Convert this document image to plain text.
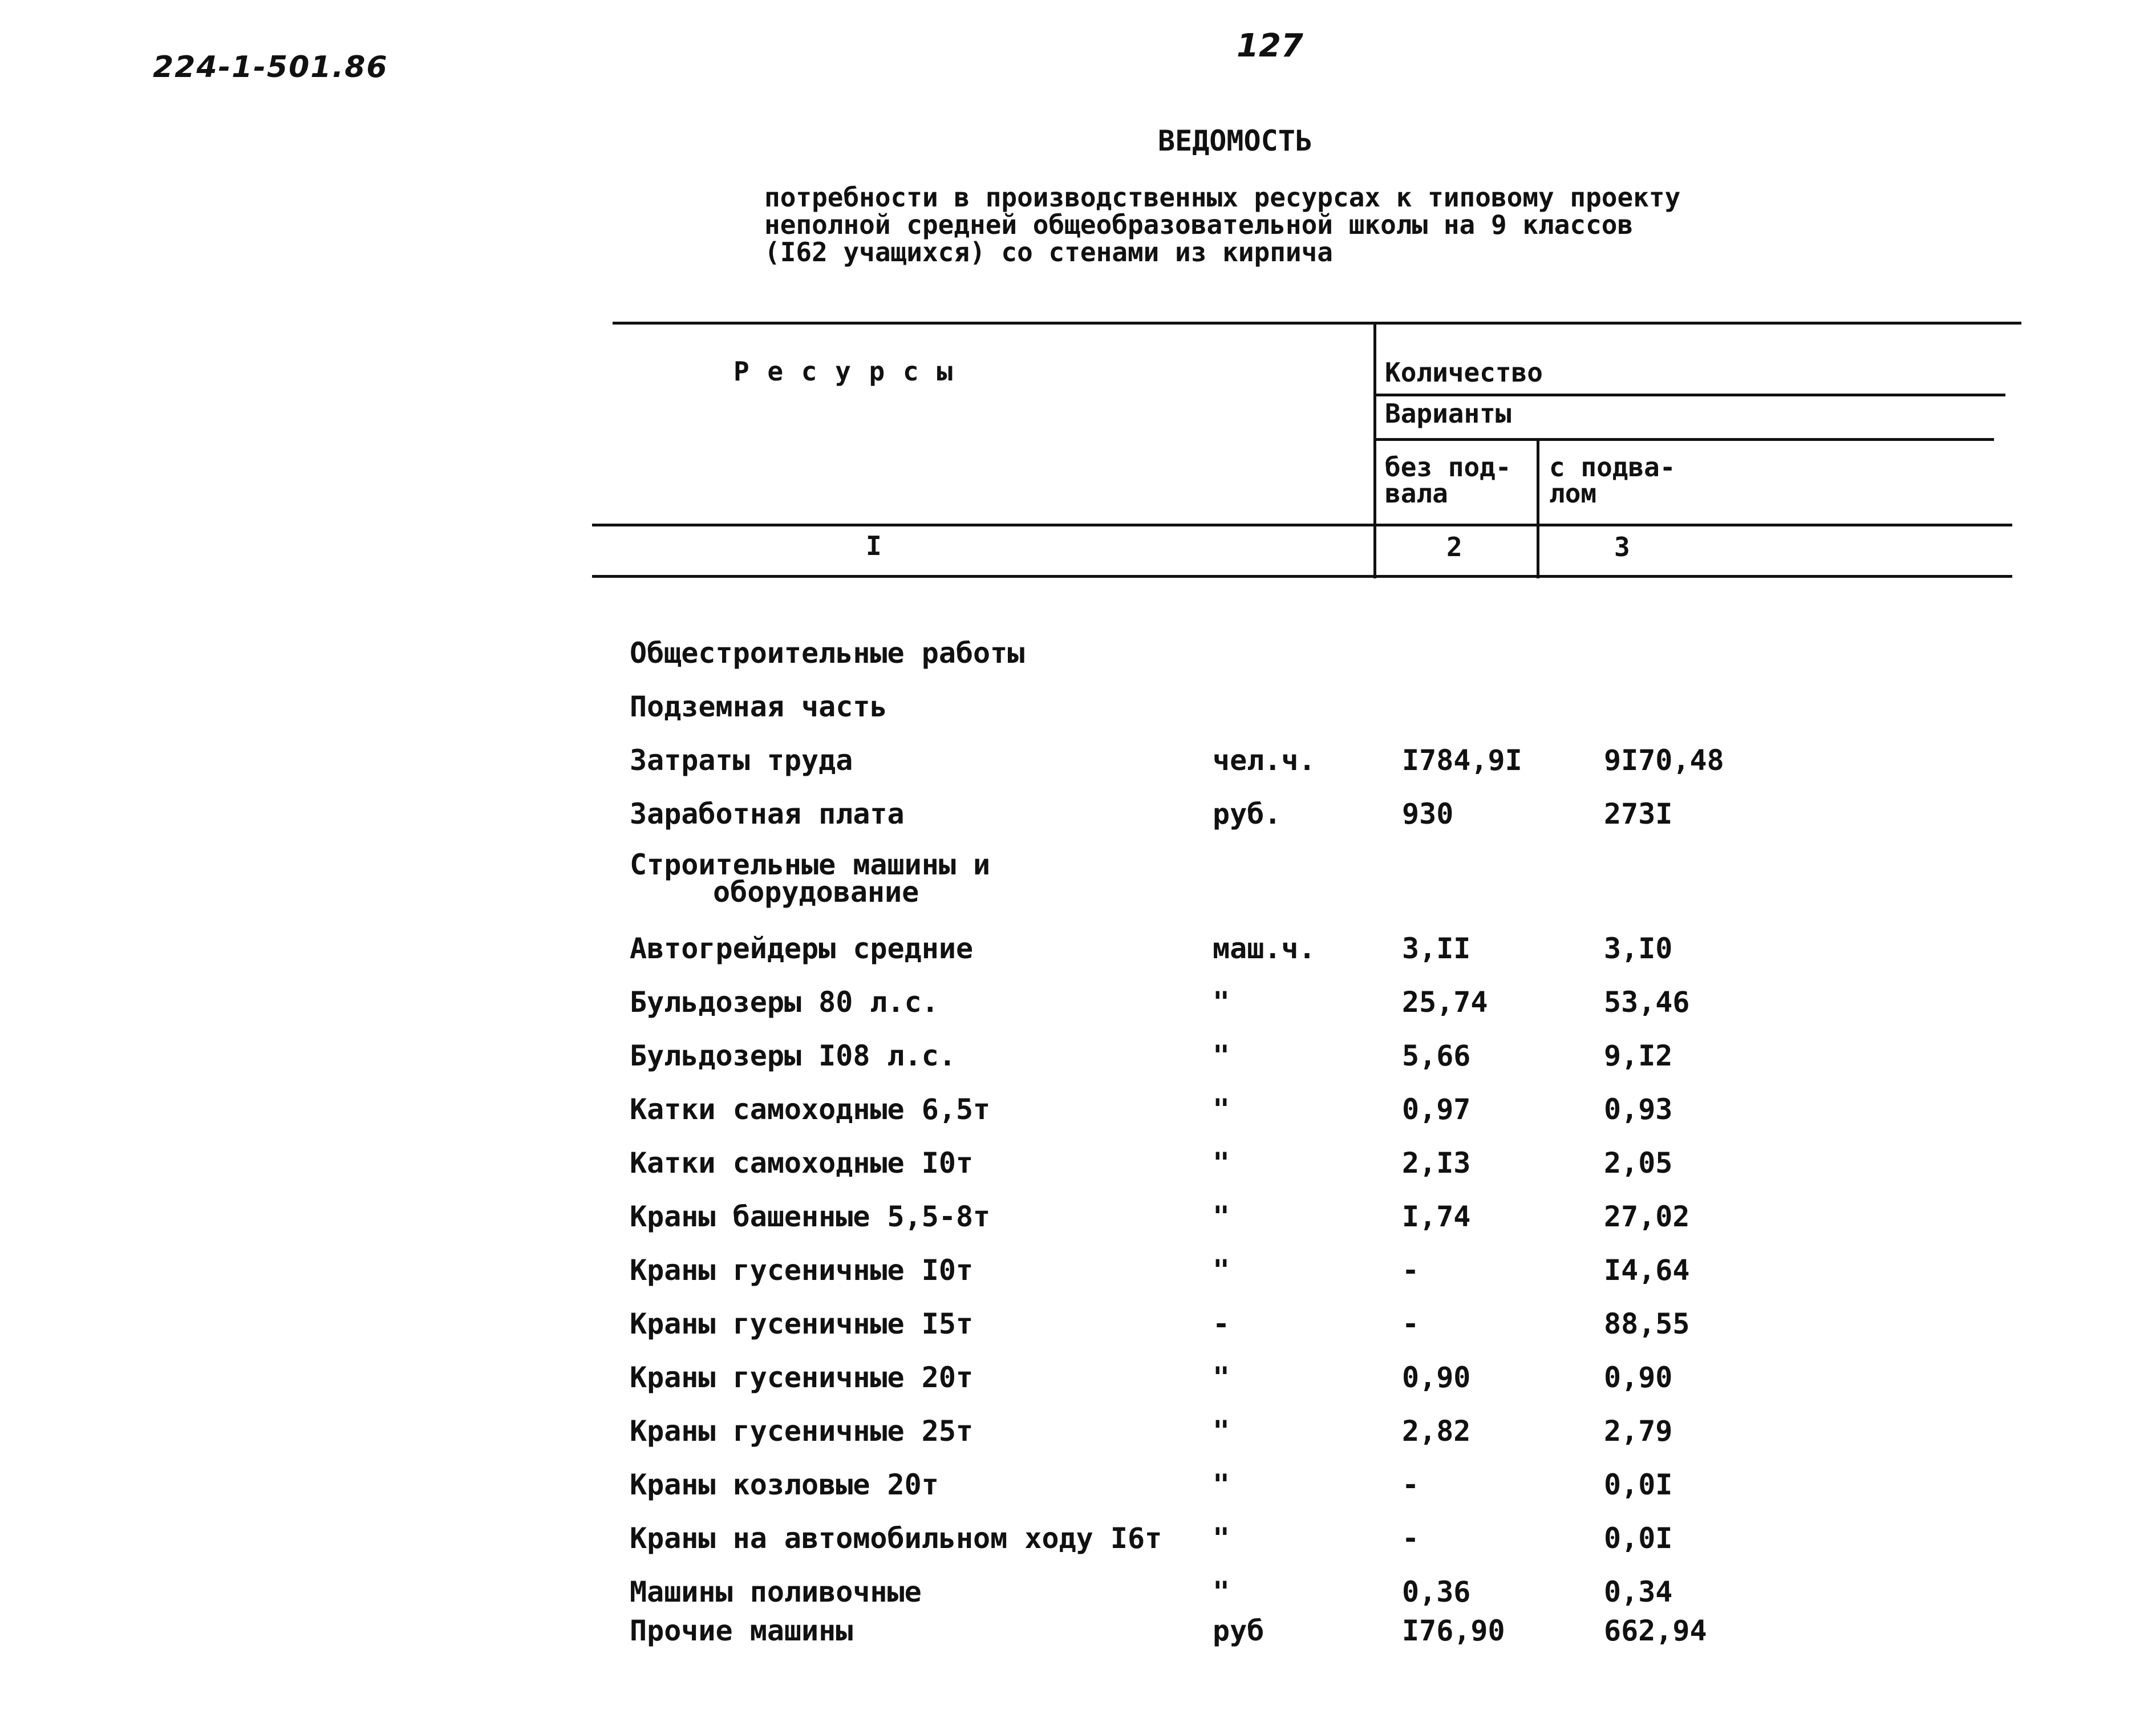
224-1-501.86
127
ВЕДОМОСТЬ
потребности в производственных ресурсах к типовому проекту
неполной средней общеобразовательной школы на 9 классов
(I62 учащихся) со стенами из кирпича
Р е с у р с ы	Количество
Варианты
без под-
вала
с подва-
лом
I	2	3
Общестроительные работы
Подземная часть
Затраты труда	чел.ч.	I784,9I	9I70,48
Заработная плата	руб.	930	273I
Строительные машины и
оборудование
Автогрейдеры средние	маш.ч.	3,II	3,I0
Бульдозеры 80 л.с.	"	25,74	53,46
Бульдозеры I08 л.с.	"	5,66	9,I2
Катки самоходные 6,5т	"	0,97	0,93
Катки самоходные I0т	"	2,I3	2,05
Краны башенные 5,5-8т	"	I,74	27,02
Краны гусеничные I0т	"	-	I4,64
Краны гусеничные I5т	-	-	88,55
Краны гусеничные 20т	"	0,90	0,90
Краны гусеничные 25т	"	2,82	2,79
Краны козловые 20т	"	-	0,0I
Краны на автомобильном ходу I6т "	-	0,0I
Машины поливочные	"	0,36	0,34
Прочие машины	руб	I76,90	662,94
